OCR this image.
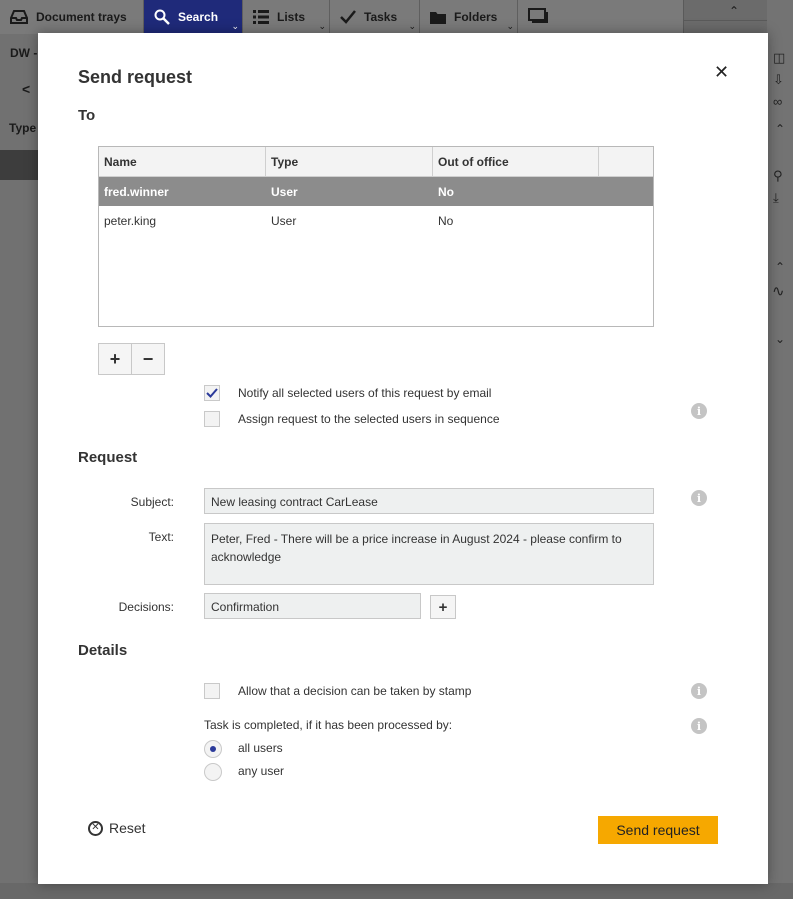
Document trays	Search
⌄
Lists
⌄
Tasks
⌄
Folders
⌄
⌃
◫
⇩
∞
⌃
⚲
⤓
⌃
∿
⌄
DW -
<
Type
Send request	✕
To
Name	Type	Out of office
fred.winner	User	No
peter.king	User	No
+	−
Notify all selected users of this request by email
Assign request to the selected users in sequence
i
Request
Subject:	New leasing contract CarLease	i
Text:	Peter, Fred - There will be a price increase in August 2024 - please confirm to acknowledge
Decisions:	Confirmation	+
Details
Allow that a decision can be taken by stamp	i
Task is completed, if it has been processed by:	i
all users
any user
✕ Reset	Send request
